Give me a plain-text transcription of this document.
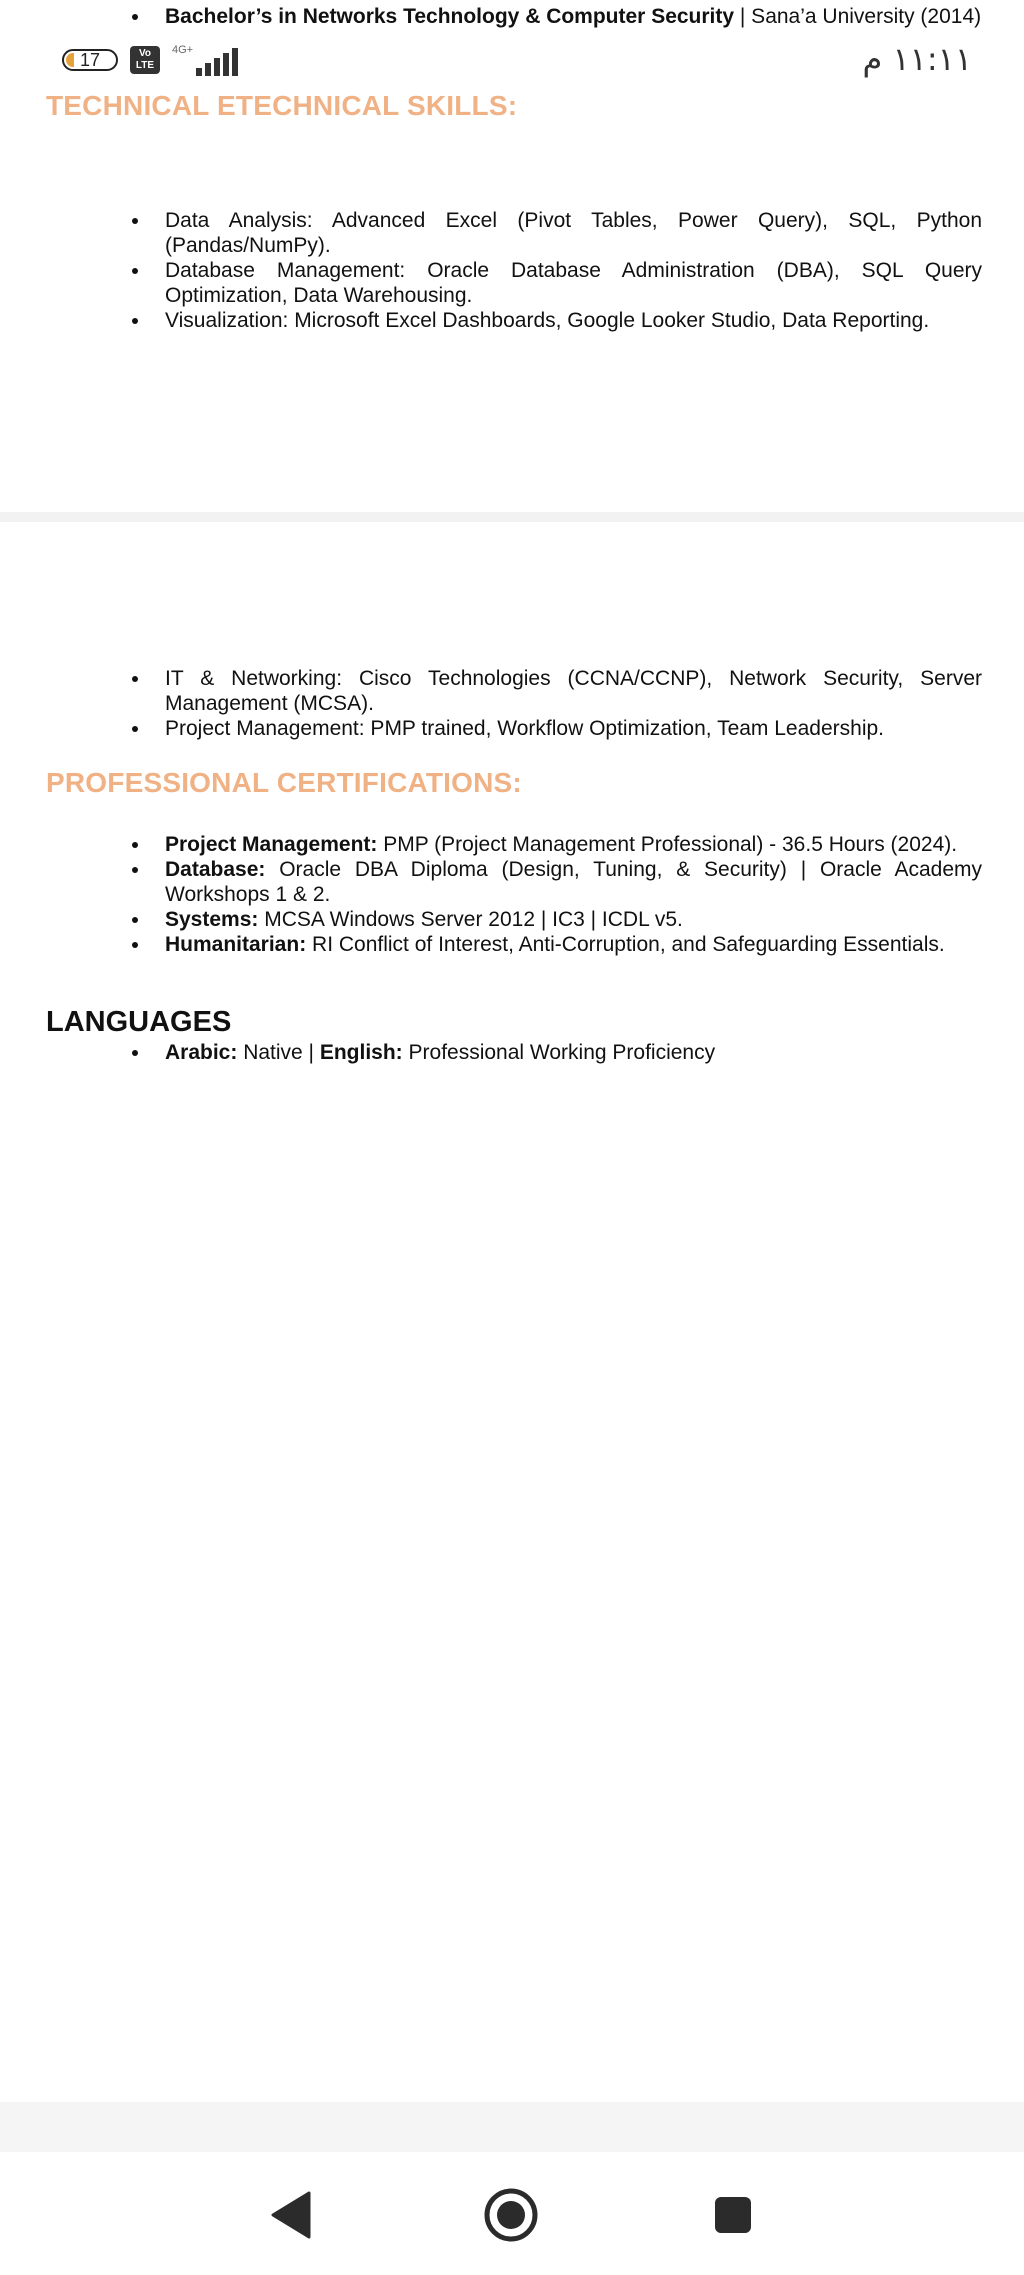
Bachelor’s in Networks Technology & Computer Security | Sana’a University (2014)
TECHNICAL ETECHNICAL SKILLS:
Data Analysis: Advanced Excel (Pivot Tables, Power Query), SQL, Python (Pandas/NumPy).
Database Management: Oracle Database Administration (DBA), SQL Query Optimization, Data Warehousing.
Visualization: Microsoft Excel Dashboards, Google Looker Studio, Data Reporting.
IT & Networking: Cisco Technologies (CCNA/CCNP), Network Security, Server Management (MCSA).
Project Management: PMP trained, Workflow Optimization, Team Leadership.
PROFESSIONAL CERTIFICATIONS:
Project Management: PMP (Project Management Professional) - 36.5 Hours (2024).
Database: Oracle DBA Diploma (Design, Tuning, & Security) | Oracle Academy Workshops 1 & 2.
Systems: MCSA Windows Server 2012 | IC3 | ICDL v5.
Humanitarian: RI Conflict of Interest, Anti-Corruption, and Safeguarding Essentials.
LANGUAGES
Arabic: Native | English: Professional Working Proficiency
17	Vo
LTE
4G+	١١:١١ م
